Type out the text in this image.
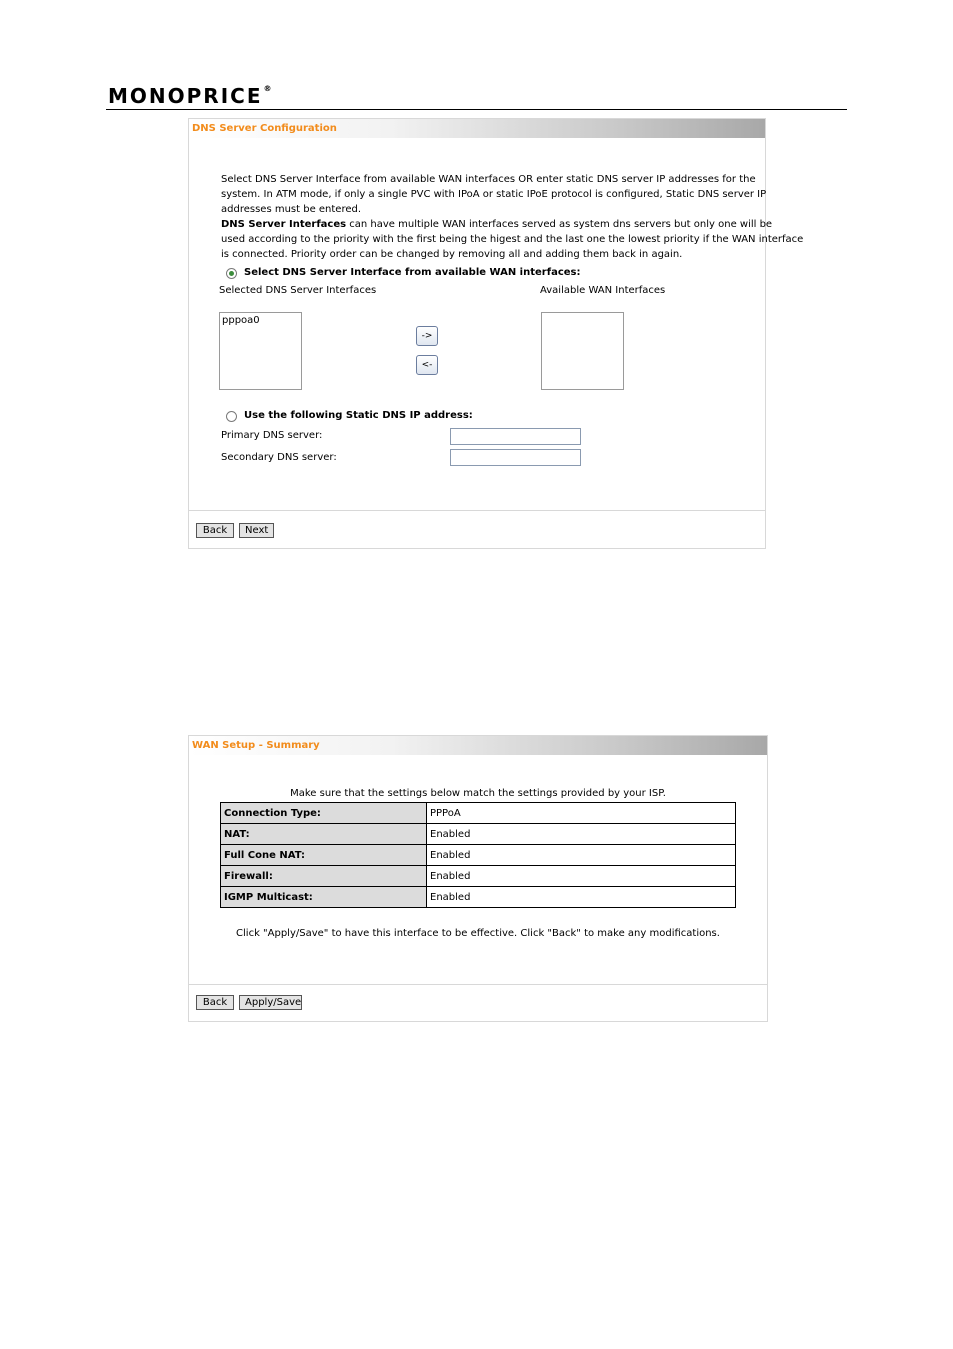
MONOPRICE®
DNS Server Configuration
Select DNS Server Interface from available WAN interfaces OR enter static DNS server IP addresses for the
system. In ATM mode, if only a single PVC with IPoA or static IPoE protocol is configured, Static DNS server IP
addresses must be entered.
DNS Server Interfaces can have multiple WAN interfaces served as system dns servers but only one will be
used according to the priority with the first being the higest and the last one the lowest priority if the WAN interface
is connected. Priority order can be changed by removing all and adding them back in again.
Select DNS Server Interface from available WAN interfaces:
Selected DNS Server Interfaces	Available WAN Interfaces
pppoa0
->
<-
Use the following Static DNS IP address:
Primary DNS server:
Secondary DNS server:
Back	Next
WAN Setup - Summary
Make sure that the settings below match the settings provided by your ISP.
Connection Type:	PPPoA
NAT:	Enabled
Full Cone NAT:	Enabled
Firewall:	Enabled
IGMP Multicast:	Enabled
Click "Apply/Save" to have this interface to be effective. Click "Back" to make any modifications.
Back	Apply/Save
